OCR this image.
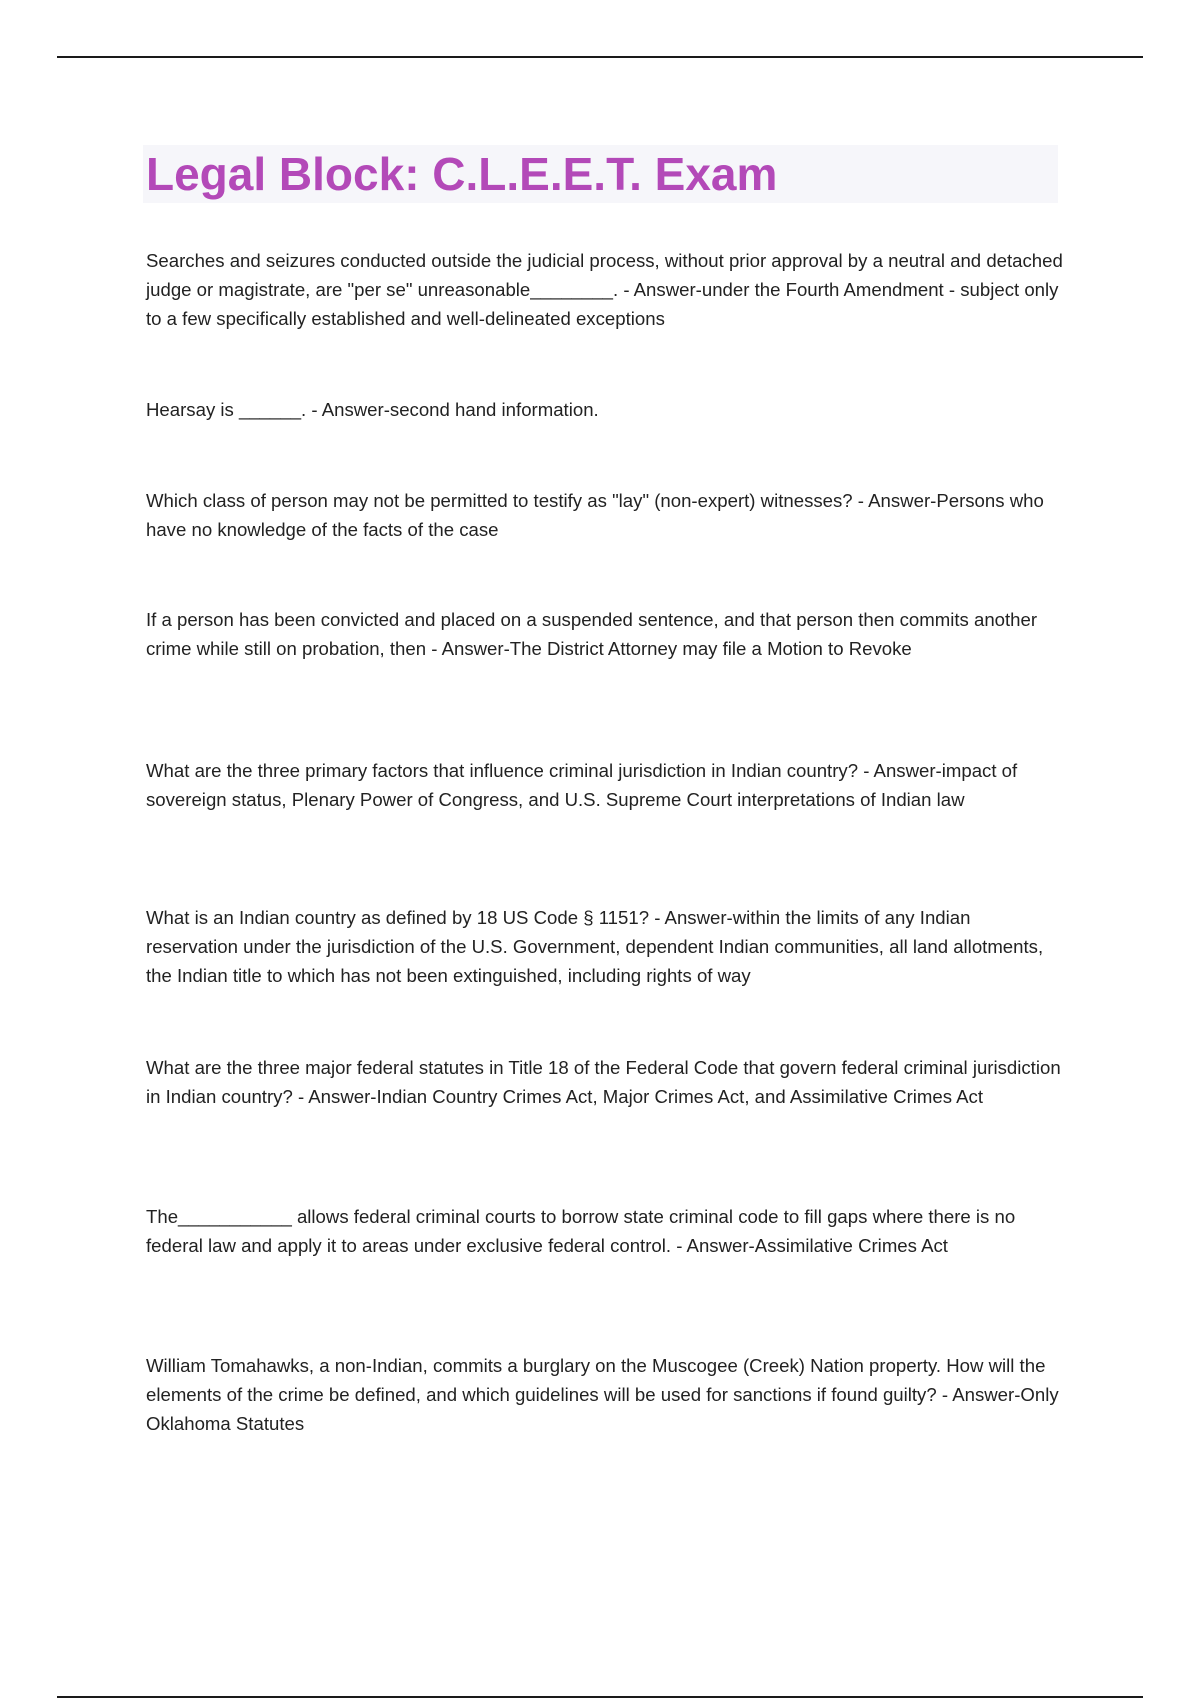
Legal Block: C.L.E.E.T. Exam

Searches and seizures conducted outside the judicial process, without prior approval by a neutral and detached judge or magistrate, are "per se" unreasonable________. - Answer-under the Fourth Amendment - subject only to a few specifically established and well-delineated exceptions

Hearsay is ______. - Answer-second hand information.

Which class of person may not be permitted to testify as "lay" (non-expert) witnesses? - Answer-Persons who have no knowledge of the facts of the case

If a person has been convicted and placed on a suspended sentence, and that person then commits another crime while still on probation, then - Answer-The District Attorney may file a Motion to Revoke

What are the three primary factors that influence criminal jurisdiction in Indian country? - Answer-impact of sovereign status, Plenary Power of Congress, and U.S. Supreme Court interpretations of Indian law

What is an Indian country as defined by 18 US Code § 1151? - Answer-within the limits of any Indian reservation under the jurisdiction of the U.S. Government, dependent Indian communities, all land allotments, the Indian title to which has not been extinguished, including rights of way

What are the three major federal statutes in Title 18 of the Federal Code that govern federal criminal jurisdiction in Indian country? - Answer-Indian Country Crimes Act, Major Crimes Act, and Assimilative Crimes Act

The___________ allows federal criminal courts to borrow state criminal code to fill gaps where there is no federal law and apply it to areas under exclusive federal control. - Answer-Assimilative Crimes Act

William Tomahawks, a non-Indian, commits a burglary on the Muscogee (Creek) Nation property. How will the elements of the crime be defined, and which guidelines will be used for sanctions if found guilty? - Answer-Only Oklahoma Statutes
